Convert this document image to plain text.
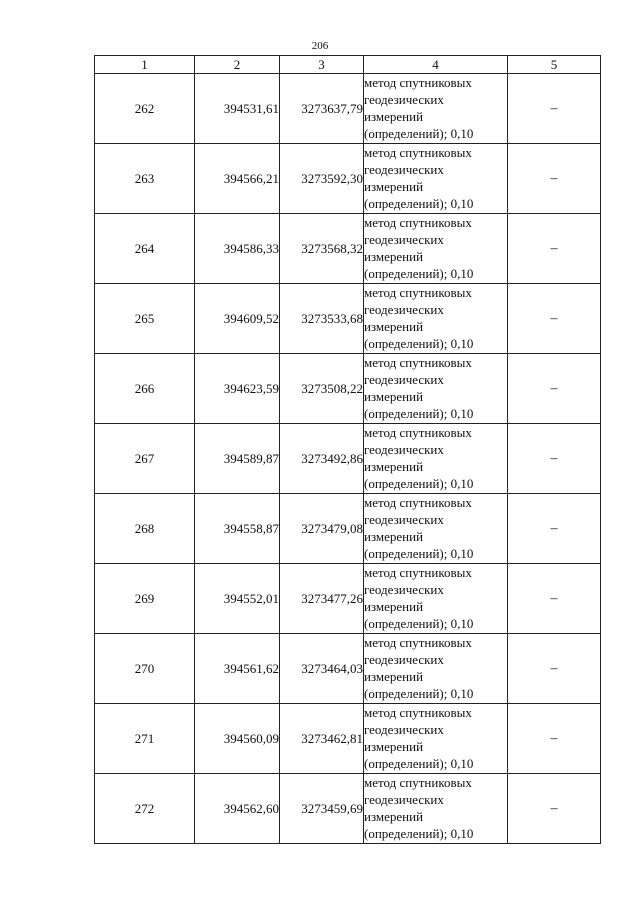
206
1	2	3	4	5
262	394531,61	3273637,79	метод спутниковых
геодезических
измерений
(определений); 0,10	–
263	394566,21	3273592,30	метод спутниковых
геодезических
измерений
(определений); 0,10	–
264	394586,33	3273568,32	метод спутниковых
геодезических
измерений
(определений); 0,10	–
265	394609,52	3273533,68	метод спутниковых
геодезических
измерений
(определений); 0,10	–
266	394623,59	3273508,22	метод спутниковых
геодезических
измерений
(определений); 0,10	–
267	394589,87	3273492,86	метод спутниковых
геодезических
измерений
(определений); 0,10	–
268	394558,87	3273479,08	метод спутниковых
геодезических
измерений
(определений); 0,10	–
269	394552,01	3273477,26	метод спутниковых
геодезических
измерений
(определений); 0,10	–
270	394561,62	3273464,03	метод спутниковых
геодезических
измерений
(определений); 0,10	–
271	394560,09	3273462,81	метод спутниковых
геодезических
измерений
(определений); 0,10	–
272	394562,60	3273459,69	метод спутниковых
геодезических
измерений
(определений); 0,10	–
